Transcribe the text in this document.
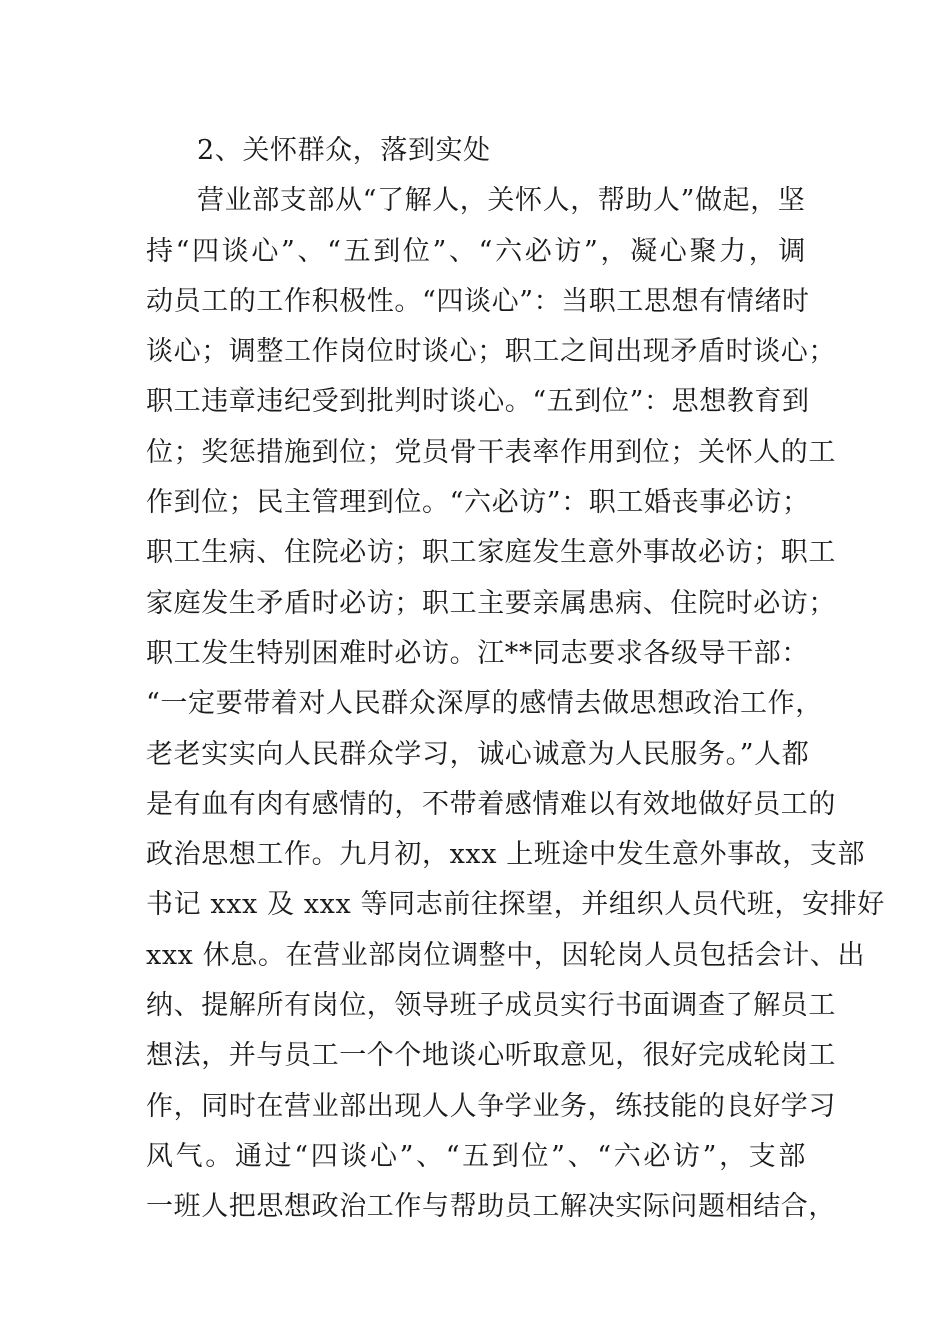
2、关怀群众，落到实处
营业部支部从“了解人，关怀人，帮助人”做起，坚
持“四谈心”、“五到位”、“六必访”，凝心聚力，调
动员工的工作积极性。“四谈心”：当职工思想有情绪时
谈心；调整工作岗位时谈心；职工之间出现矛盾时谈心；
职工违章违纪受到批判时谈心。“五到位”：思想教育到
位；奖惩措施到位；党员骨干表率作用到位；关怀人的工
作到位；民主管理到位。“六必访”：职工婚丧事必访；
职工生病、住院必访；职工家庭发生意外事故必访；职工
家庭发生矛盾时必访；职工主要亲属患病、住院时必访；
职工发生特别困难时必访。江**同志要求各级导干部：
“一定要带着对人民群众深厚的感情去做思想政治工作，
老老实实向人民群众学习，诚心诚意为人民服务。”人都
是有血有肉有感情的，不带着感情难以有效地做好员工的
政治思想工作。九月初，xxx 上班途中发生意外事故，支部
书记 xxx 及 xxx 等同志前往探望，并组织人员代班，安排好
xxx 休息。在营业部岗位调整中，因轮岗人员包括会计、出
纳、提解所有岗位，领导班子成员实行书面调查了解员工
想法，并与员工一个个地谈心听取意见，很好完成轮岗工
作，同时在营业部出现人人争学业务，练技能的良好学习
风气。通过“四谈心”、“五到位”、“六必访”，支部
一班人把思想政治工作与帮助员工解决实际问题相结合，
